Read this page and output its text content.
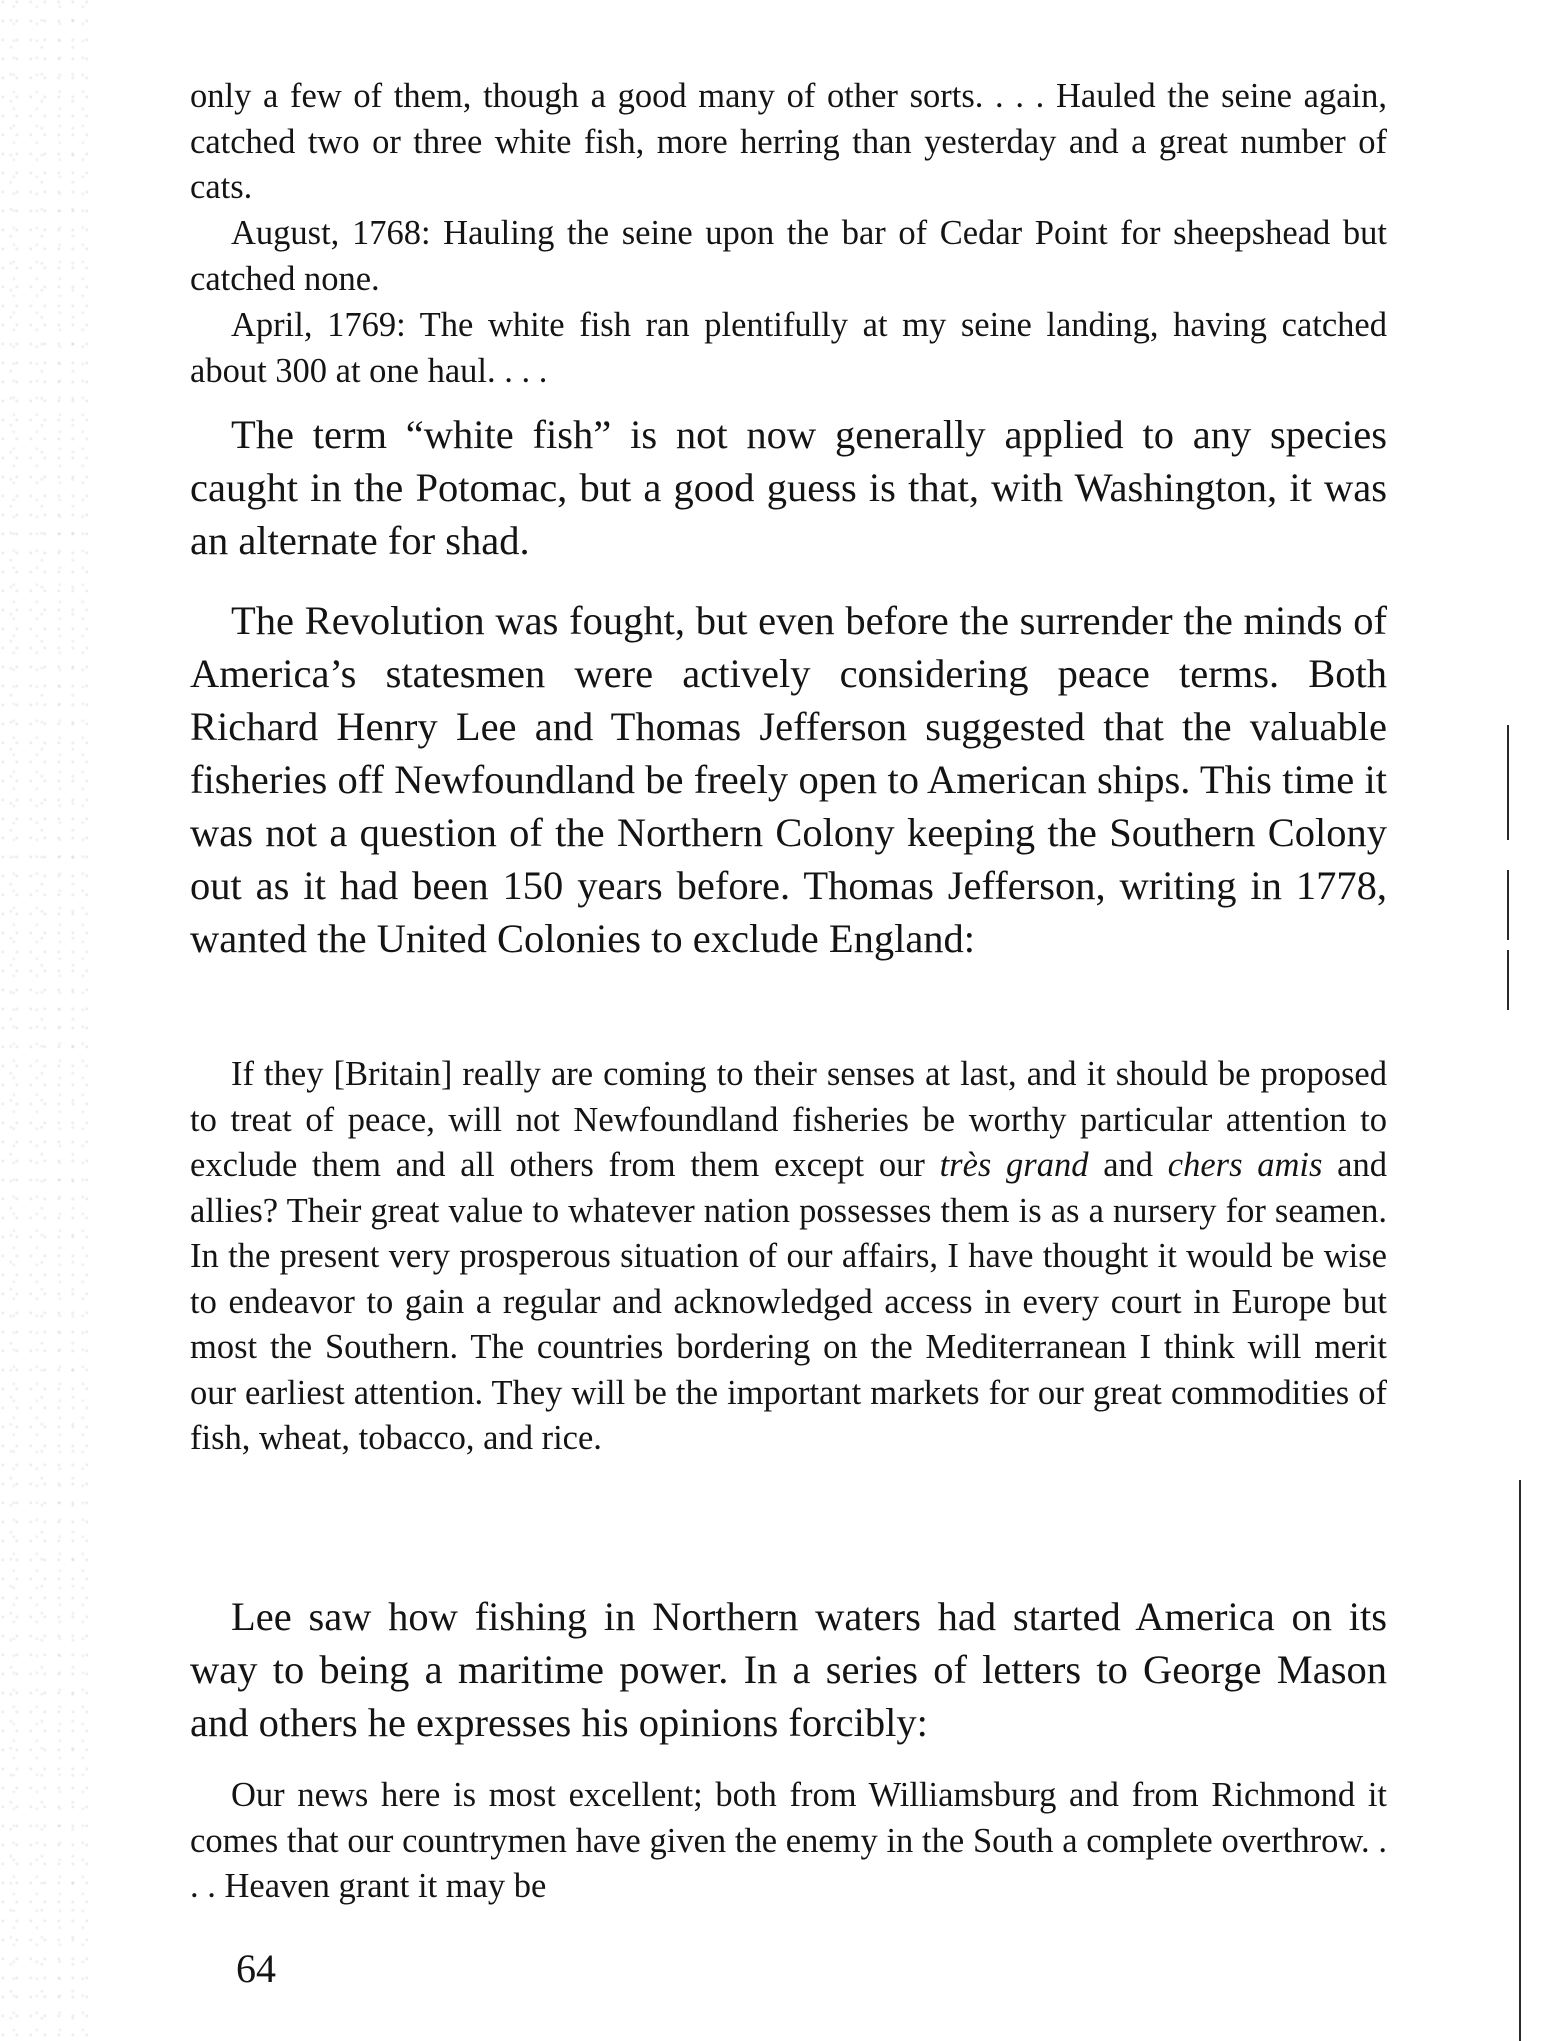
only a few of them, though a good many of other sorts. . . . Hauled the seine again, catched two or three white fish, more herring than yesterday and a great number of cats.

August, 1768: Hauling the seine upon the bar of Cedar Point for sheepshead but catched none.

April, 1769: The white fish ran plentifully at my seine landing, having catched about 300 at one haul. . . .

The term “white fish” is not now generally applied to any species caught in the Potomac, but a good guess is that, with Washington, it was an alternate for shad.

The Revolution was fought, but even before the surrender the minds of America’s statesmen were actively considering peace terms. Both Richard Henry Lee and Thomas Jefferson suggested that the valuable fisheries off Newfoundland be freely open to American ships. This time it was not a question of the Northern Colony keeping the Southern Colony out as it had been 150 years before. Thomas Jefferson, writing in 1778, wanted the United Colonies to exclude England:

If they [Britain] really are coming to their senses at last, and it should be proposed to treat of peace, will not Newfoundland fisheries be worthy particular attention to exclude them and all others from them except our très grand and chers amis and allies? Their great value to whatever nation possesses them is as a nursery for seamen. In the present very prosperous situation of our affairs, I have thought it would be wise to endeavor to gain a regular and acknowledged access in every court in Europe but most the Southern. The countries bordering on the Mediterranean I think will merit our earliest attention. They will be the important markets for our great commodities of fish, wheat, tobacco, and rice.

Lee saw how fishing in Northern waters had started America on its way to being a maritime power. In a series of letters to George Mason and others he expresses his opinions forcibly:

Our news here is most excellent; both from Williamsburg and from Richmond it comes that our countrymen have given the enemy in the South a complete overthrow. . . . Heaven grant it may be

64
